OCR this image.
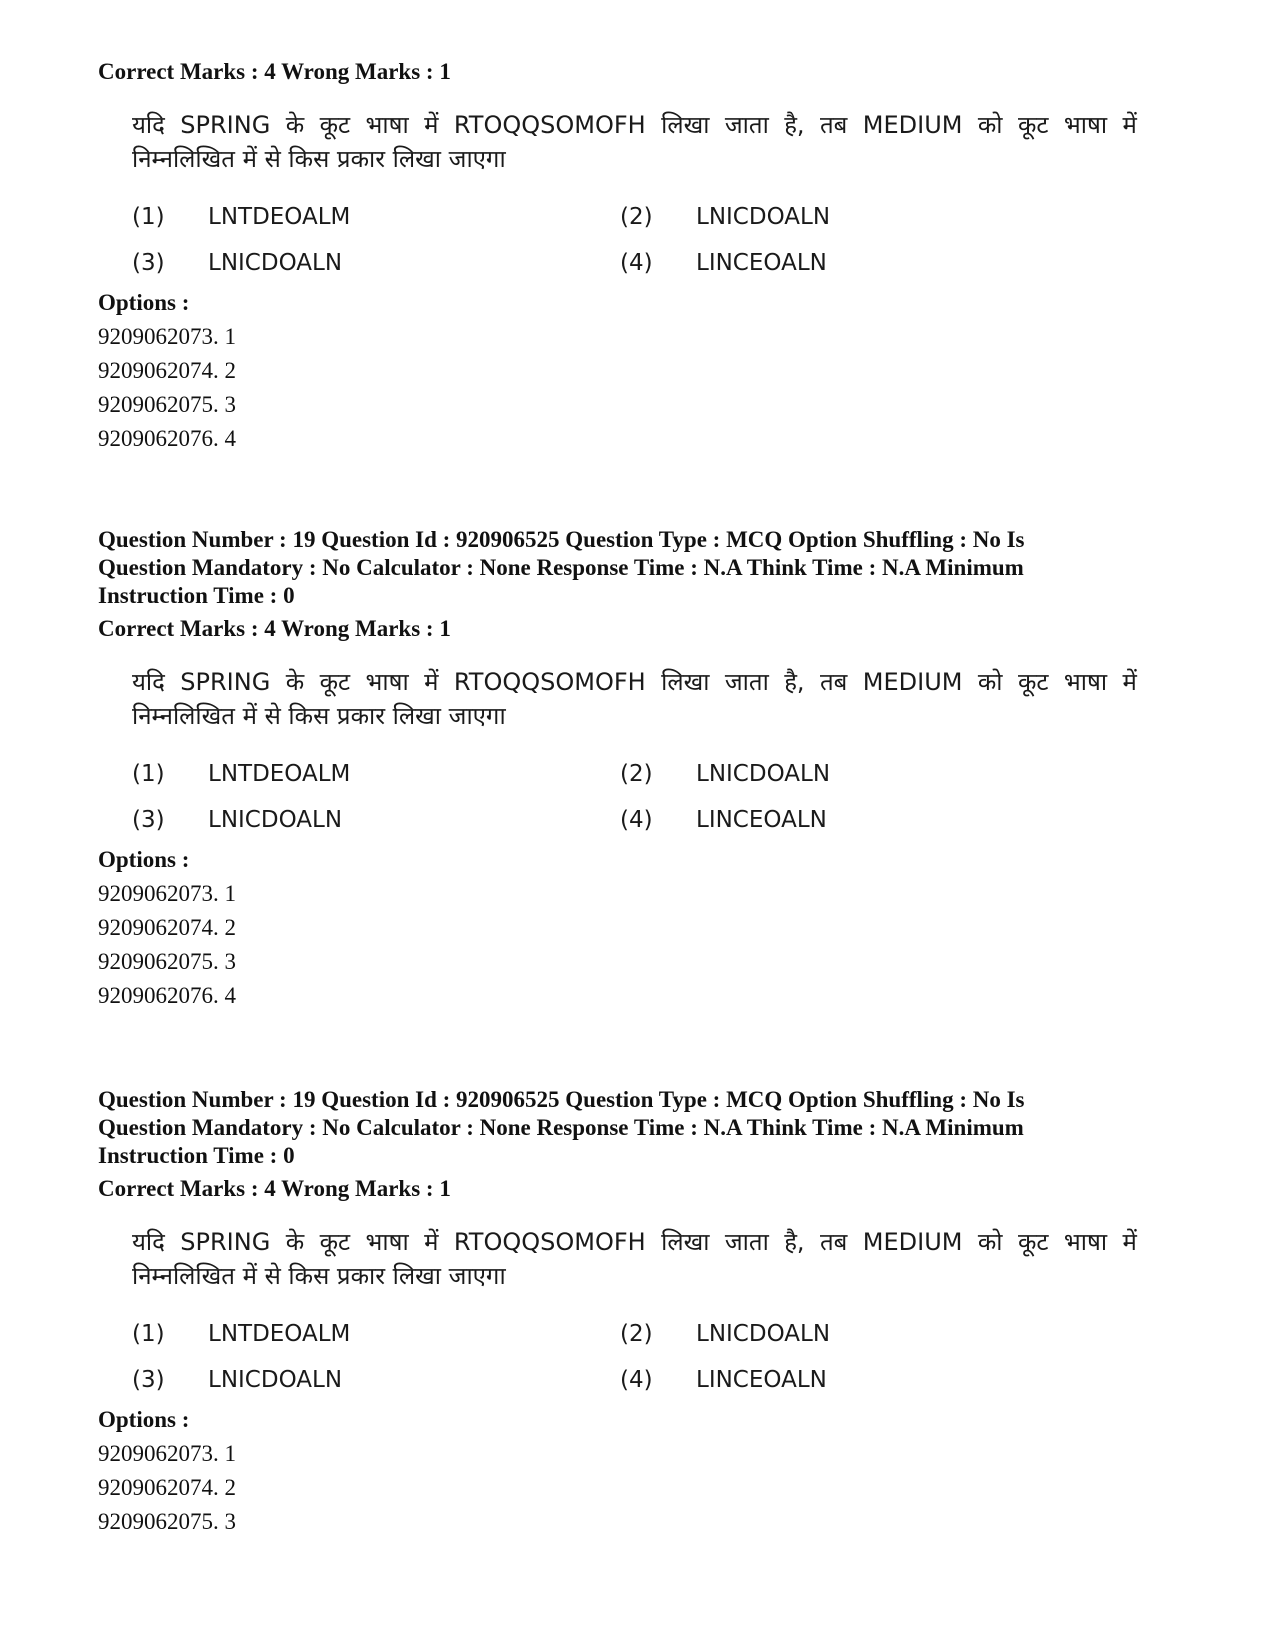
Correct Marks : 4 Wrong Marks : 1

यदि SPRING के कूट भाषा में RTOQQSOMOFH लिखा जाता है, तब MEDIUM को कूट भाषा में
निम्नलिखित में से किस प्रकार लिखा जाएगा
(1)	LNTDEOALM	(2)	LNICDOALN
(3)	LNICDOALN	(4)	LINCEOALN

Options :

9209062073. 1

9209062074. 2

9209062075. 3

9209062076. 4

Question Number : 19 Question Id : 920906525 Question Type : MCQ Option Shuffling : No Is

Question Mandatory : No Calculator : None Response Time : N.A Think Time : N.A Minimum

Instruction Time : 0

Correct Marks : 4 Wrong Marks : 1

यदि SPRING के कूट भाषा में RTOQQSOMOFH लिखा जाता है, तब MEDIUM को कूट भाषा में
निम्नलिखित में से किस प्रकार लिखा जाएगा
(1)	LNTDEOALM	(2)	LNICDOALN
(3)	LNICDOALN	(4)	LINCEOALN

Options :

9209062073. 1

9209062074. 2

9209062075. 3

9209062076. 4

Question Number : 19 Question Id : 920906525 Question Type : MCQ Option Shuffling : No Is

Question Mandatory : No Calculator : None Response Time : N.A Think Time : N.A Minimum

Instruction Time : 0

Correct Marks : 4 Wrong Marks : 1

यदि SPRING के कूट भाषा में RTOQQSOMOFH लिखा जाता है, तब MEDIUM को कूट भाषा में
निम्नलिखित में से किस प्रकार लिखा जाएगा
(1)	LNTDEOALM	(2)	LNICDOALN
(3)	LNICDOALN	(4)	LINCEOALN

Options :

9209062073. 1

9209062074. 2

9209062075. 3
